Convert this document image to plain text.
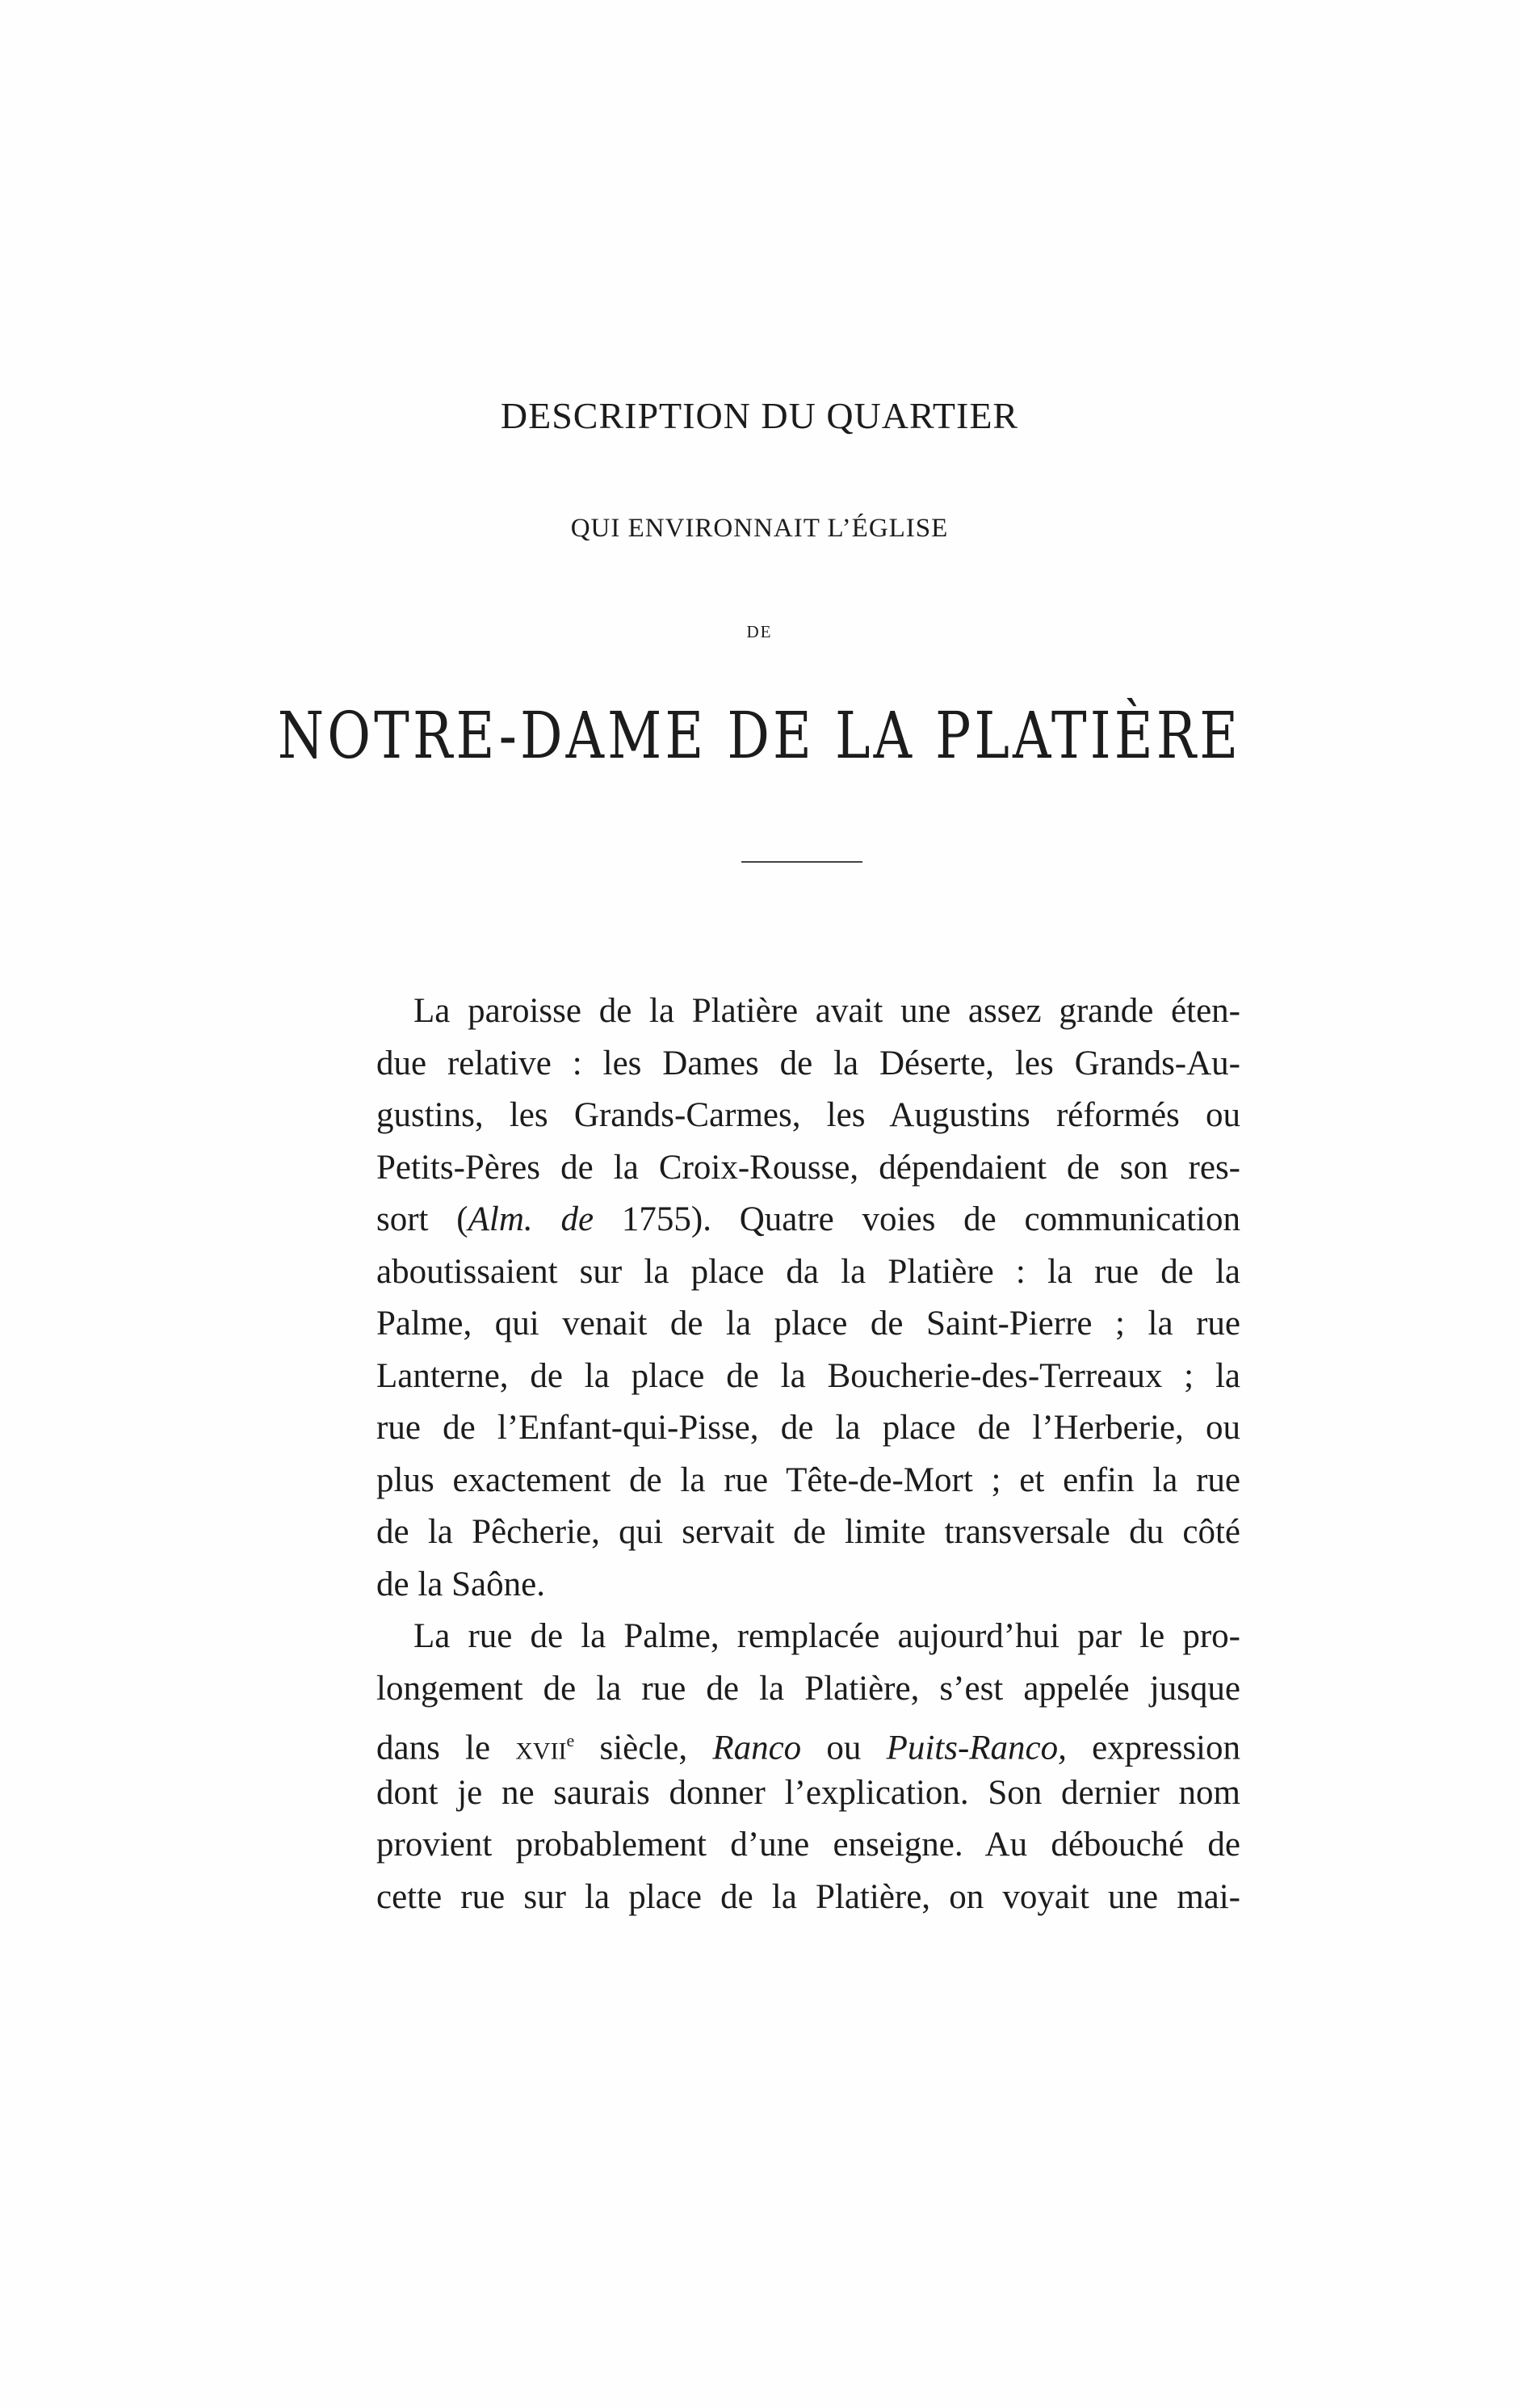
DESCRIPTION DU QUARTIER
QUI ENVIRONNAIT L’ÉGLISE
DE
NOTRE-DAME DE LA PLATIÈRE
La paroisse de la Platière avait une assez grande éten-
due relative : les Dames de la Déserte, les Grands-Au-
gustins, les Grands-Carmes, les Augustins réformés ou
Petits-Pères de la Croix-Rousse, dépendaient de son res-
sort (Alm. de 1755). Quatre voies de communication
aboutissaient sur la place da la Platière : la rue de la
Palme, qui venait de la place de Saint-Pierre ; la rue
Lanterne, de la place de la Boucherie-des-Terreaux ; la
rue de l’Enfant-qui-Pisse, de la place de l’Herberie, ou
plus exactement de la rue Tête-de-Mort ; et enfin la rue
de la Pêcherie, qui servait de limite transversale du côté
de la Saône.
La rue de la Palme, remplacée aujourd’hui par le pro-
longement de la rue de la Platière, s’est appelée jusque
dans le xvii$^e$ siècle, Ranco ou Puits-Ranco, expression
dont je ne saurais donner l’explication. Son dernier nom
provient probablement d’une enseigne. Au débouché de
cette rue sur la place de la Platière, on voyait une mai-
